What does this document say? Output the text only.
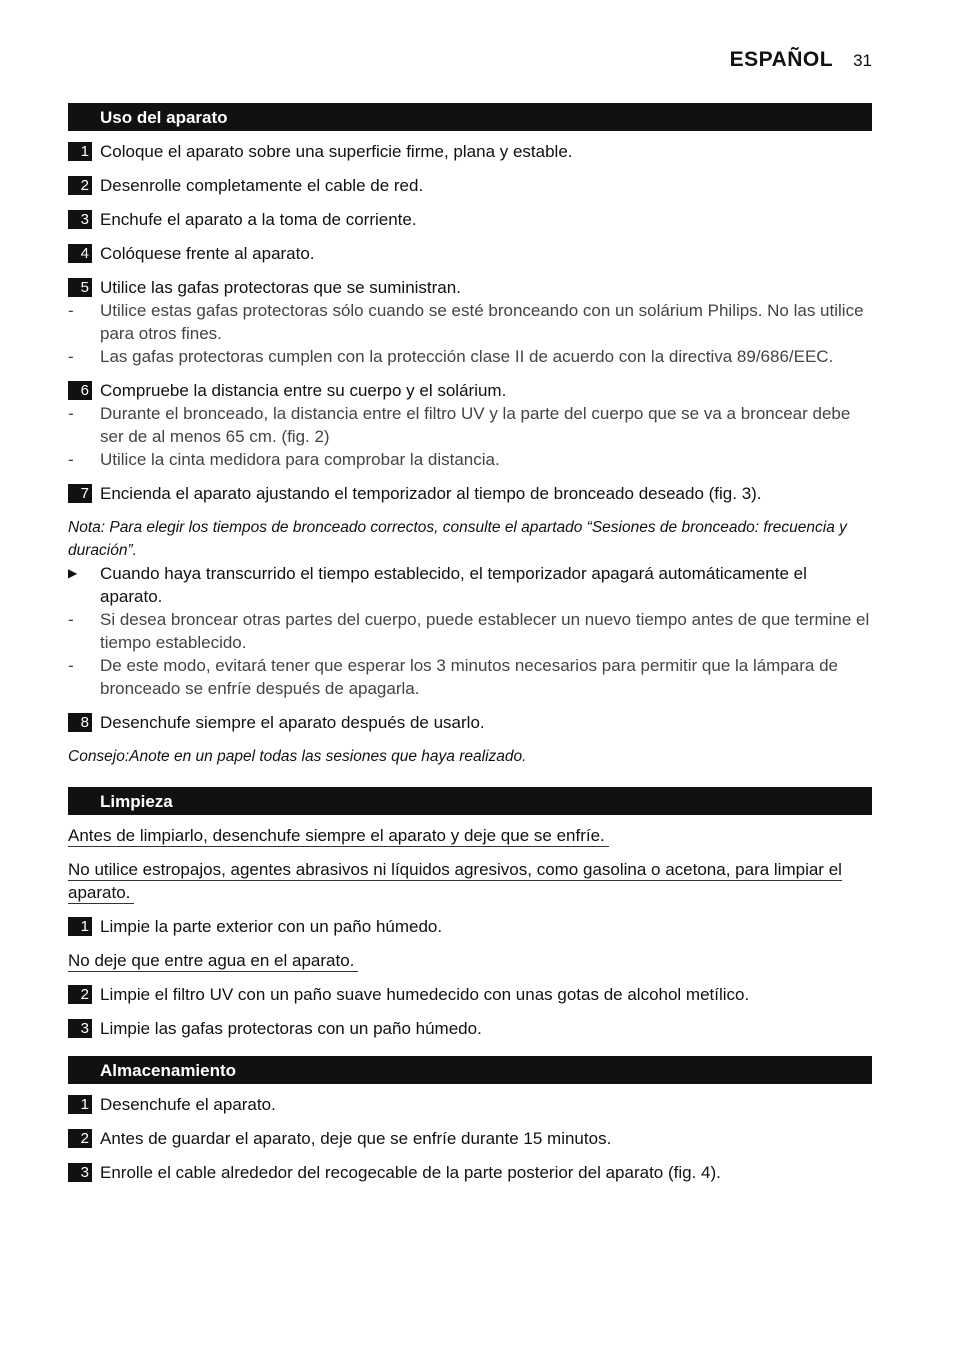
ESPAÑOL 31
Uso del aparato
1 Coloque el aparato sobre una superficie firme, plana y estable.
2 Desenrolle completamente el cable de red.
3 Enchufe el aparato a la toma de corriente.
4 Colóquese frente al aparato.
5 Utilice las gafas protectoras que se suministran.
- Utilice estas gafas protectoras sólo cuando se esté bronceando con un solárium Philips. No las utilice para otros fines.
- Las gafas protectoras cumplen con la protección clase II de acuerdo con la directiva 89/686/EEC.
6 Compruebe la distancia entre su cuerpo y el solárium.
- Durante el bronceado, la distancia entre el filtro UV y la parte del cuerpo que se va a broncear debe ser de al menos 65 cm. (fig. 2)
- Utilice la cinta medidora para comprobar la distancia.
7 Encienda el aparato ajustando el temporizador al tiempo de bronceado deseado (fig. 3).
Nota: Para elegir los tiempos de bronceado correctos, consulte el apartado “Sesiones de bronceado: frecuencia y duración”.
▶ Cuando haya transcurrido el tiempo establecido, el temporizador apagará automáticamente el aparato.
- Si desea broncear otras partes del cuerpo, puede establecer un nuevo tiempo antes de que termine el tiempo establecido.
- De este modo, evitará tener que esperar los 3 minutos necesarios para permitir que la lámpara de bronceado se enfríe después de apagarla.
8 Desenchufe siempre el aparato después de usarlo.
Consejo:Anote en un papel todas las sesiones que haya realizado.
Limpieza
Antes de limpiarlo, desenchufe siempre el aparato y deje que se enfríe.
No utilice estropajos, agentes abrasivos ni líquidos agresivos, como gasolina o acetona, para limpiar el aparato.
1 Limpie la parte exterior con un paño húmedo.
No deje que entre agua en el aparato.
2 Limpie el filtro UV con un paño suave humedecido con unas gotas de alcohol metílico.
3 Limpie las gafas protectoras con un paño húmedo.
Almacenamiento
1 Desenchufe el aparato.
2 Antes de guardar el aparato, deje que se enfríe durante 15 minutos.
3 Enrolle el cable alrededor del recogecable de la parte posterior del aparato (fig. 4).
